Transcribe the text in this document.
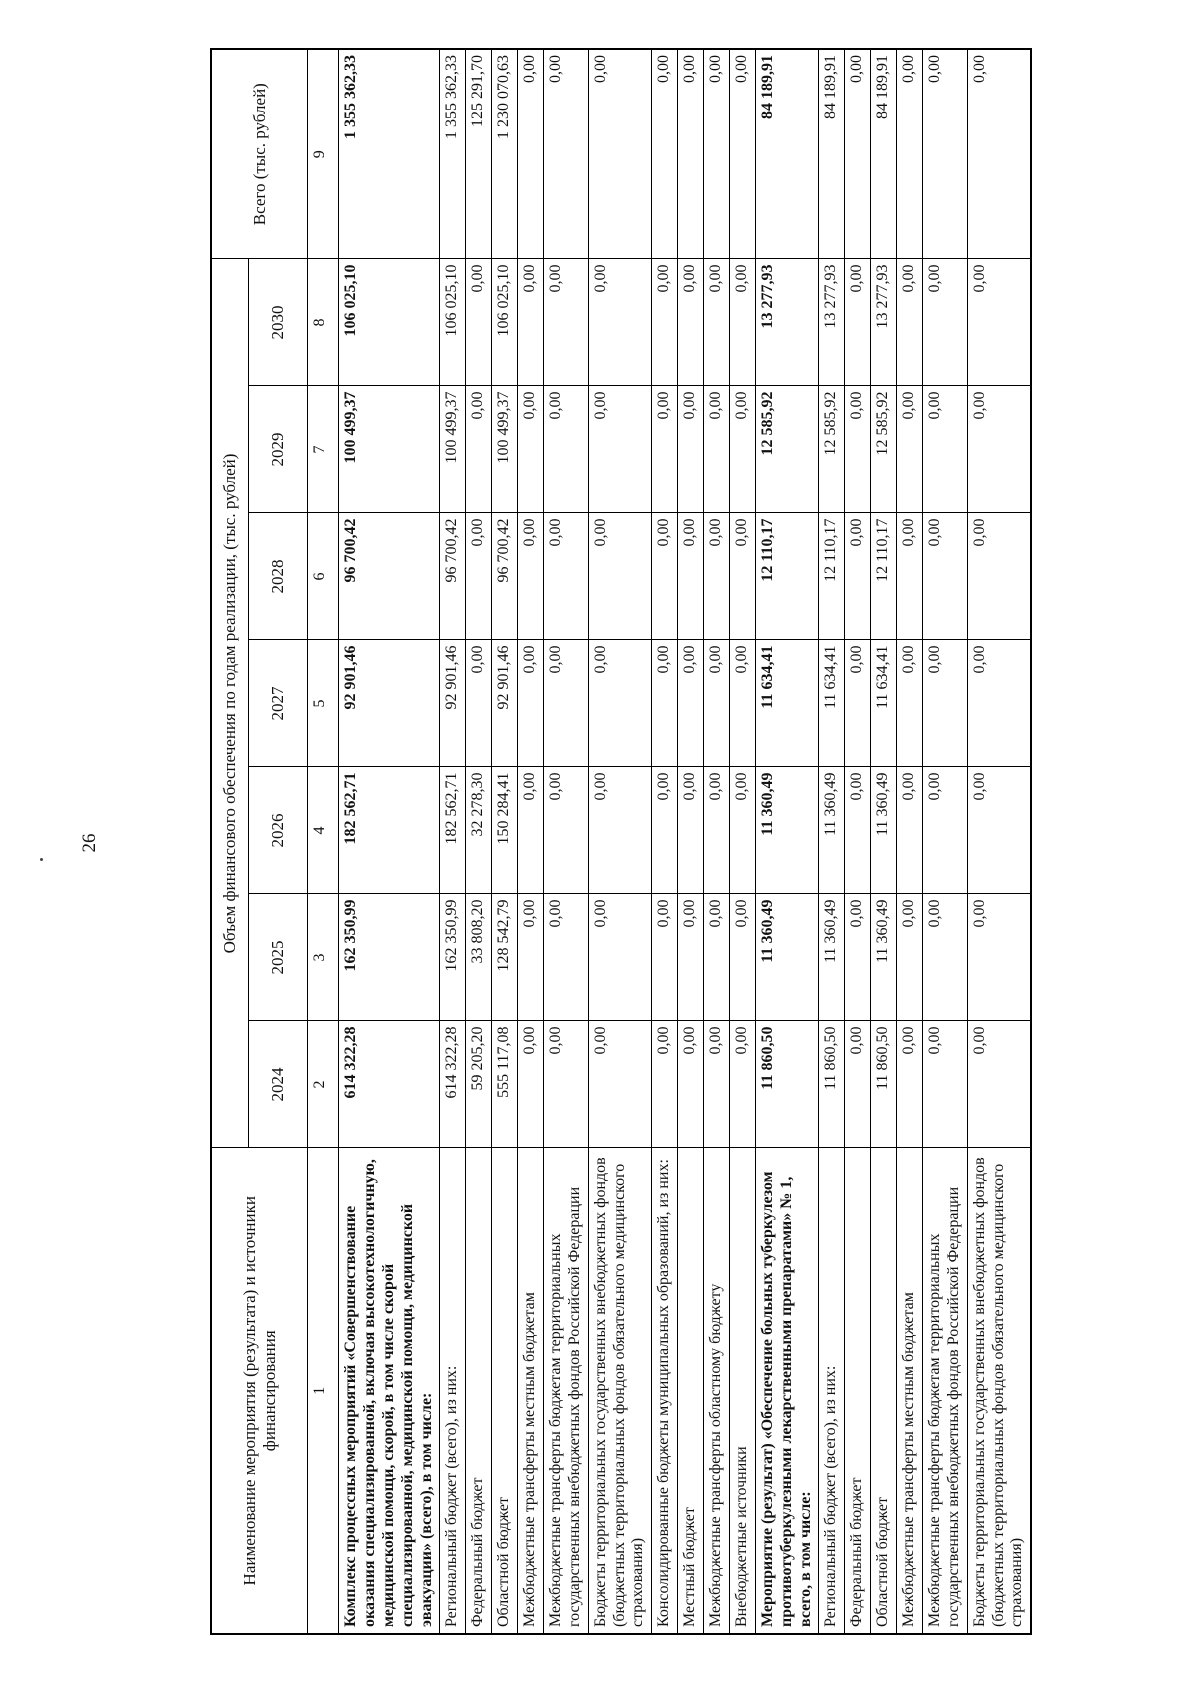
26
Наименование мероприятия (результата) и источники финансирования	Объем финансового обеспечения по годам реализации, (тыс. рублей)							Всего (тыс. рублей)
	2024	2025	2026	2027	2028	2029	2030	
1	2	3	4	5	6	7	8	9
Комплекс процессных мероприятий «Совершенствование оказания специализированной, включая высокотехнологичную, медицинской помощи, скорой, в том числе скорой специализированной, медицинской помощи, медицинской эвакуации» (всего), в том числе:	614 322,28	162 350,99	182 562,71	92 901,46	96 700,42	100 499,37	106 025,10	1 355 362,33
Региональный бюджет (всего), из них:	614 322,28	162 350,99	182 562,71	92 901,46	96 700,42	100 499,37	106 025,10	1 355 362,33
Федеральный бюджет	59 205,20	33 808,20	32 278,30	0,00	0,00	0,00	0,00	125 291,70
Областной бюджет	555 117,08	128 542,79	150 284,41	92 901,46	96 700,42	100 499,37	106 025,10	1 230 070,63
Межбюджетные трансферты местным бюджетам	0,00	0,00	0,00	0,00	0,00	0,00	0,00	0,00
Межбюджетные трансферты бюджетам территориальных государственных внебюджетных фондов Российской Федерации	0,00	0,00	0,00	0,00	0,00	0,00	0,00	0,00
Бюджеты территориальных государственных внебюджетных фондов (бюджетных территориальных фондов обязательного медицинского страхования)	0,00	0,00	0,00	0,00	0,00	0,00	0,00	0,00
Консолидированные бюджеты муниципальных образований, из них:	0,00	0,00	0,00	0,00	0,00	0,00	0,00	0,00
Местный бюджет	0,00	0,00	0,00	0,00	0,00	0,00	0,00	0,00
Межбюджетные трансферты областному бюджету	0,00	0,00	0,00	0,00	0,00	0,00	0,00	0,00
Внебюджетные источники	0,00	0,00	0,00	0,00	0,00	0,00	0,00	0,00
Мероприятие (результат) «Обеспечение больных туберкулезом противотуберкулезными лекарственными препаратами» № 1, всего, в том числе:	11 860,50	11 360,49	11 360,49	11 634,41	12 110,17	12 585,92	13 277,93	84 189,91
Региональный бюджет (всего), из них:	11 860,50	11 360,49	11 360,49	11 634,41	12 110,17	12 585,92	13 277,93	84 189,91
Федеральный бюджет	0,00	0,00	0,00	0,00	0,00	0,00	0,00	0,00
Областной бюджет	11 860,50	11 360,49	11 360,49	11 634,41	12 110,17	12 585,92	13 277,93	84 189,91
Межбюджетные трансферты местным бюджетам	0,00	0,00	0,00	0,00	0,00	0,00	0,00	0,00
Межбюджетные трансферты бюджетам территориальных государственных внебюджетных фондов Российской Федерации	0,00	0,00	0,00	0,00	0,00	0,00	0,00	0,00
Бюджеты территориальных государственных внебюджетных фондов (бюджетных территориальных фондов обязательного медицинского страхования)	0,00	0,00	0,00	0,00	0,00	0,00	0,00	0,00
